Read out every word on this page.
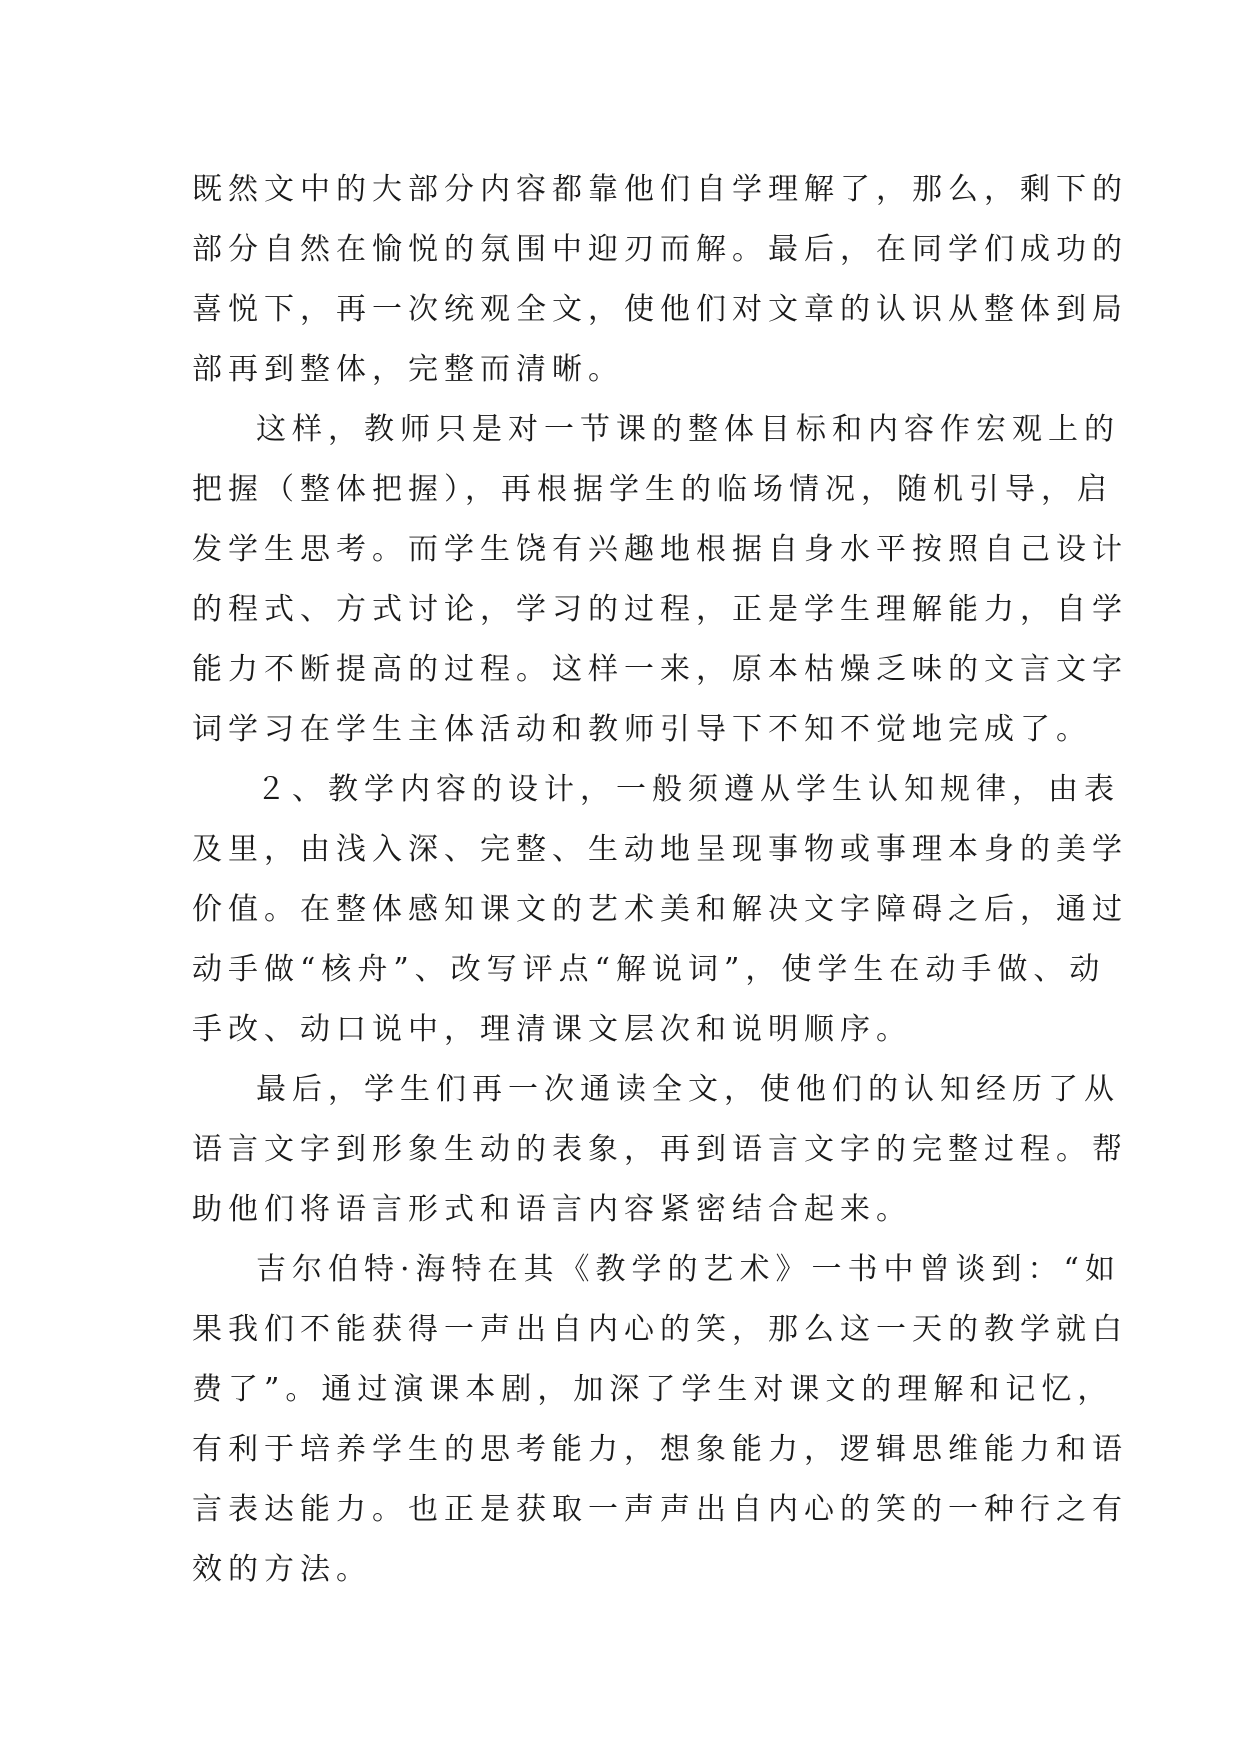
既然文中的大部分内容都靠他们自学理解了，那么，剩下的
部分自然在愉悦的氛围中迎刃而解。最后，在同学们成功的
喜悦下，再一次统观全文，使他们对文章的认识从整体到局
部再到整体，完整而清晰。
这样，教师只是对一节课的整体目标和内容作宏观上的
把握（整体把握），再根据学生的临场情况，随机引导，启
发学生思考。而学生饶有兴趣地根据自身水平按照自己设计
的程式、方式讨论，学习的过程，正是学生理解能力，自学
能力不断提高的过程。这样一来，原本枯燥乏味的文言文字
词学习在学生主体活动和教师引导下不知不觉地完成了。
２、教学内容的设计，一般须遵从学生认知规律，由表
及里，由浅入深、完整、生动地呈现事物或事理本身的美学
价值。在整体感知课文的艺术美和解决文字障碍之后，通过
动手做“核舟”、改写评点“解说词”，使学生在动手做、动
手改、动口说中，理清课文层次和说明顺序。
最后，学生们再一次通读全文，使他们的认知经历了从
语言文字到形象生动的表象，再到语言文字的完整过程。帮
助他们将语言形式和语言内容紧密结合起来。
吉尔伯特·海特在其《教学的艺术》一书中曾谈到：“如
果我们不能获得一声出自内心的笑，那么这一天的教学就白
费了”。通过演课本剧，加深了学生对课文的理解和记忆，
有利于培养学生的思考能力，想象能力，逻辑思维能力和语
言表达能力。也正是获取一声声出自内心的笑的一种行之有
效的方法。
